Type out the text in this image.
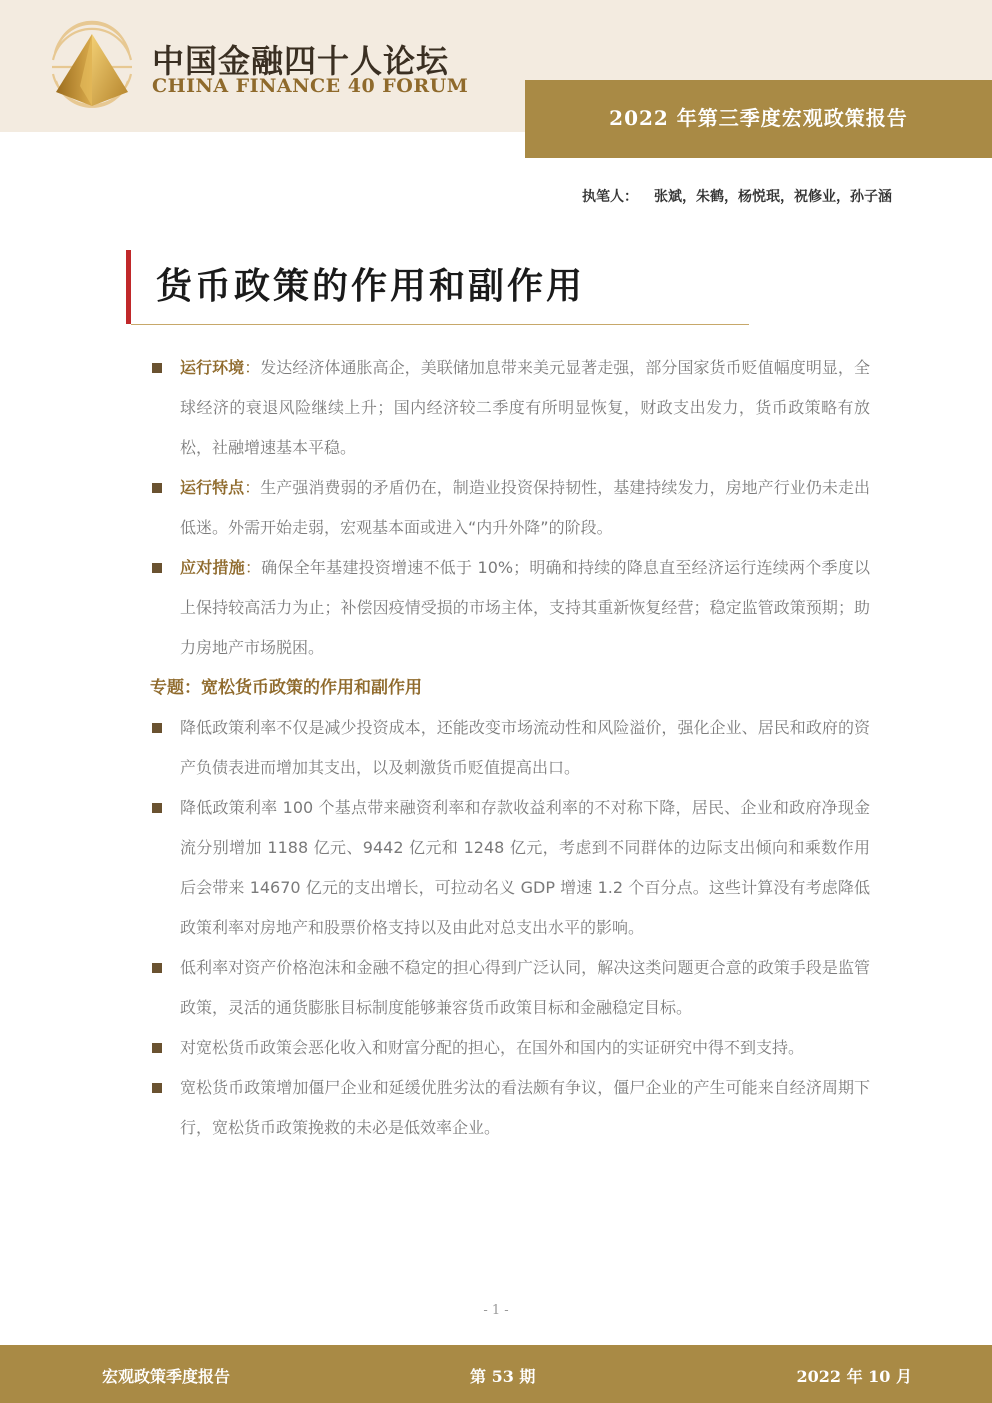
中国金融四十人论坛
CHINA FINANCE 40 FORUM
2022 年第三季度宏观政策报告
执笔人： 张斌，朱鹤，杨悦珉，祝修业，孙子涵
货币政策的作用和副作用
运行环境：发达经济体通胀高企，美联储加息带来美元显著走强，部分国家货币贬值幅度明显，全球经济的衰退风险继续上升；国内经济较二季度有所明显恢复，财政支出发力，货币政策略有放松，社融增速基本平稳。
运行特点：生产强消费弱的矛盾仍在，制造业投资保持韧性，基建持续发力，房地产行业仍未走出低迷。外需开始走弱，宏观基本面或进入“内升外降”的阶段。
应对措施：确保全年基建投资增速不低于 10%；明确和持续的降息直至经济运行连续两个季度以上保持较高活力为止；补偿因疫情受损的市场主体，支持其重新恢复经营；稳定监管政策预期；助力房地产市场脱困。
专题：宽松货币政策的作用和副作用
降低政策利率不仅是减少投资成本，还能改变市场流动性和风险溢价，强化企业、居民和政府的资产负债表进而增加其支出，以及刺激货币贬值提高出口。
降低政策利率 100 个基点带来融资利率和存款收益利率的不对称下降，居民、企业和政府净现金流分别增加 1188 亿元、9442 亿元和 1248 亿元，考虑到不同群体的边际支出倾向和乘数作用后会带来 14670 亿元的支出增长，可拉动名义 GDP 增速 1.2 个百分点。这些计算没有考虑降低政策利率对房地产和股票价格支持以及由此对总支出水平的影响。
低利率对资产价格泡沫和金融不稳定的担心得到广泛认同，解决这类问题更合意的政策手段是监管政策，灵活的通货膨胀目标制度能够兼容货币政策目标和金融稳定目标。
对宽松货币政策会恶化收入和财富分配的担心，在国外和国内的实证研究中得不到支持。
宽松货币政策增加僵尸企业和延缓优胜劣汰的看法颇有争议，僵尸企业的产生可能来自经济周期下行，宽松货币政策挽救的未必是低效率企业。
- 1 -
宏观政策季度报告	第 53 期	2022 年 10 月
